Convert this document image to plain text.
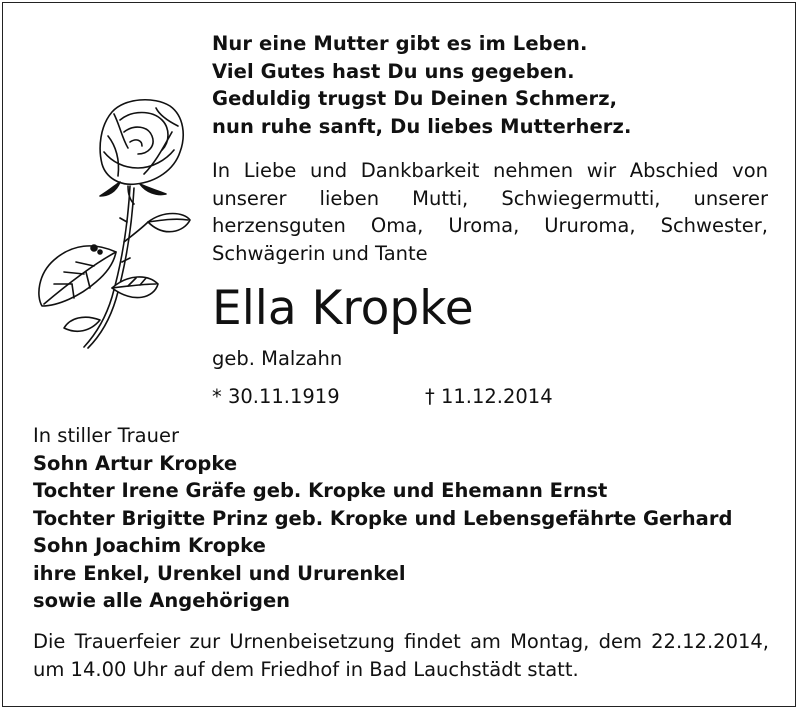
Nur eine Mutter gibt es im Leben.
Viel Gutes hast Du uns gegeben.
Geduldig trugst Du Deinen Schmerz,
nun ruhe sanft, Du liebes Mutterherz.
In Liebe und Dankbarkeit nehmen wir Abschied von unserer lieben Mutti, Schwiegermutti, unserer herzensguten Oma, Uroma, Ururoma, Schwester, Schwägerin und Tante
Ella Kropke
geb. Malzahn
* 30.11.1919	† 11.12.2014
In stiller Trauer
Sohn Artur Kropke
Tochter Irene Gräfe geb. Kropke und Ehemann Ernst
Tochter Brigitte Prinz geb. Kropke und Lebensgefährte Gerhard
Sohn Joachim Kropke
ihre Enkel, Urenkel und Ururenkel
sowie alle Angehörigen
Die Trauerfeier zur Urnenbeisetzung findet am Montag, dem 22.12.2014, um 14.00 Uhr auf dem Friedhof in Bad Lauchstädt statt.
